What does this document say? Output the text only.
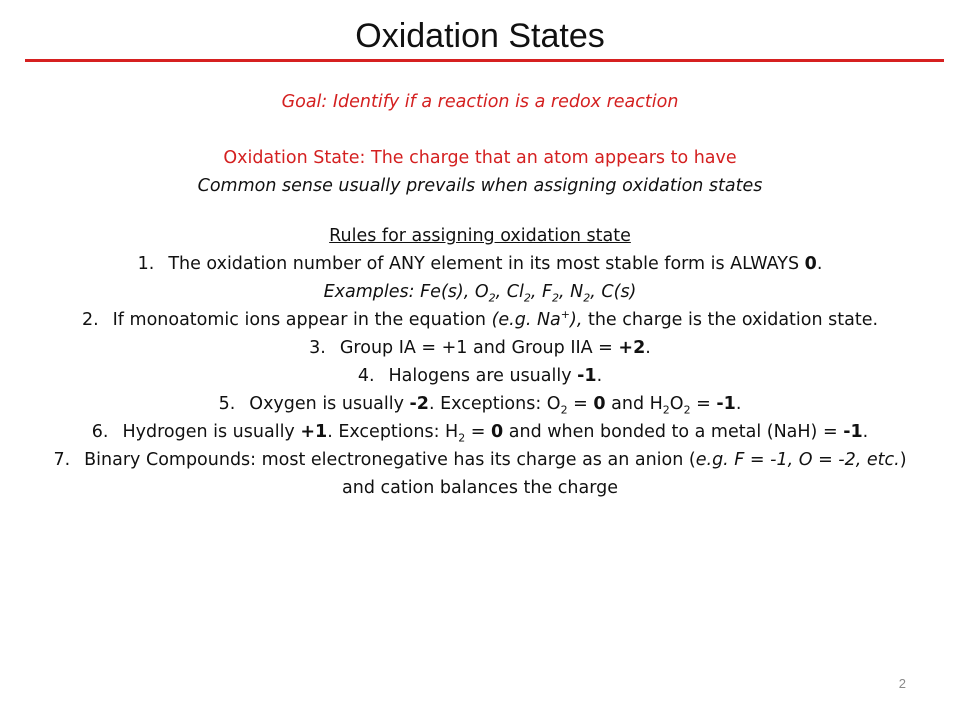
Oxidation States

Goal: Identify if a reaction is a redox reaction

Oxidation State: The charge that an atom appears to have

Common sense usually prevails when assigning oxidation states

Rules for assigning oxidation state

1. The oxidation number of ANY element in its most stable form is ALWAYS 0.

Examples: Fe(s), $O_2$, $Cl_2$, $F_2$, $N_2$, C(s)

2. If monoatomic ions appear in the equation (e.g. Na+), the charge is the oxidation state.

3. Group IA = +1 and Group IIA = +2.

4. Halogens are usually -1.

5. Oxygen is usually -2. Exceptions: $O_2 = 0$ and $H_2O_2 = -1$.

6. Hydrogen is usually +1. Exceptions: $H_2 = 0$ and when bonded to a metal (NaH) = -1.

7. Binary Compounds: most electronegative has its charge as an anion (e.g. F = -1, O = -2, etc.) and cation balances the charge

2
